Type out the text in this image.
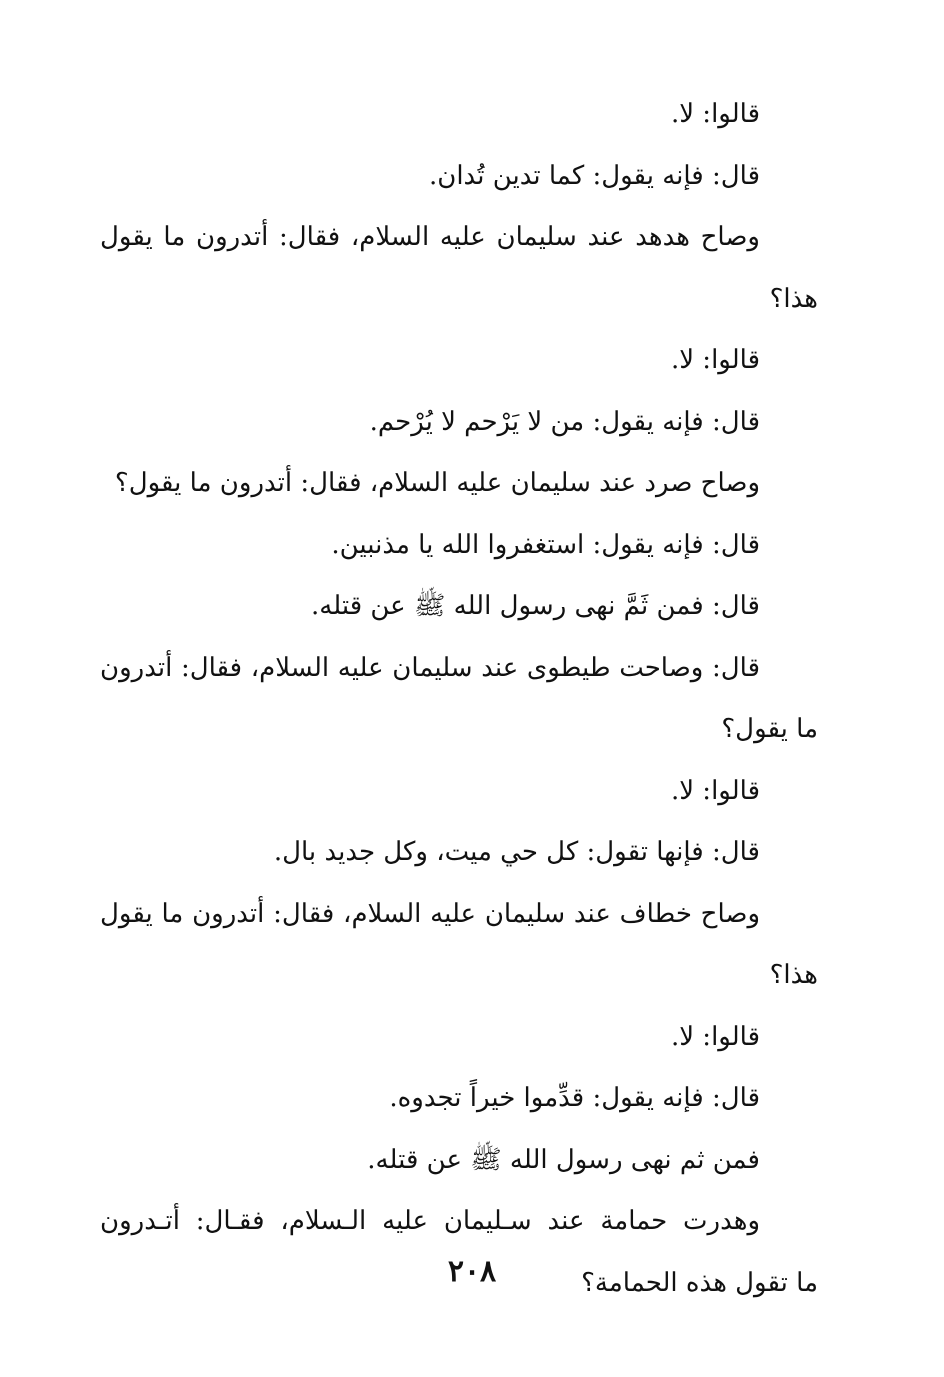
قالوا: لا.
قال: فإنه يقول: كما تدين تُدان.
وصاح هدهد عند سليمان عليه السلام، فقال: أتدرون ما يقول
هذا؟
قالوا: لا.
قال: فإنه يقول: من لا يَرْحم لا يُرْحم.
وصاح صرد عند سليمان عليه السلام، فقال: أتدرون ما يقول؟
قال: فإنه يقول: استغفروا الله يا مذنبين.
قال: فمن ثَمَّ نهى رسول الله ﷺ عن قتله.
قال: وصاحت طيطوى عند سليمان عليه السلام، فقال: أتدرون
ما يقول؟
قالوا: لا.
قال: فإنها تقول: كل حي ميت، وكل جديد بال.
وصاح خطاف عند سليمان عليه السلام، فقال: أتدرون ما يقول
هذا؟
قالوا: لا.
قال: فإنه يقول: قدِّموا خيراً تجدوه.
فمن ثم نهى رسول الله ﷺ عن قتله.
وهدرت حمامة عند سـليمان عليه الـسلام، فقـال: أتـدرون
ما تقول هذه الحمامة؟
٢٠٨
